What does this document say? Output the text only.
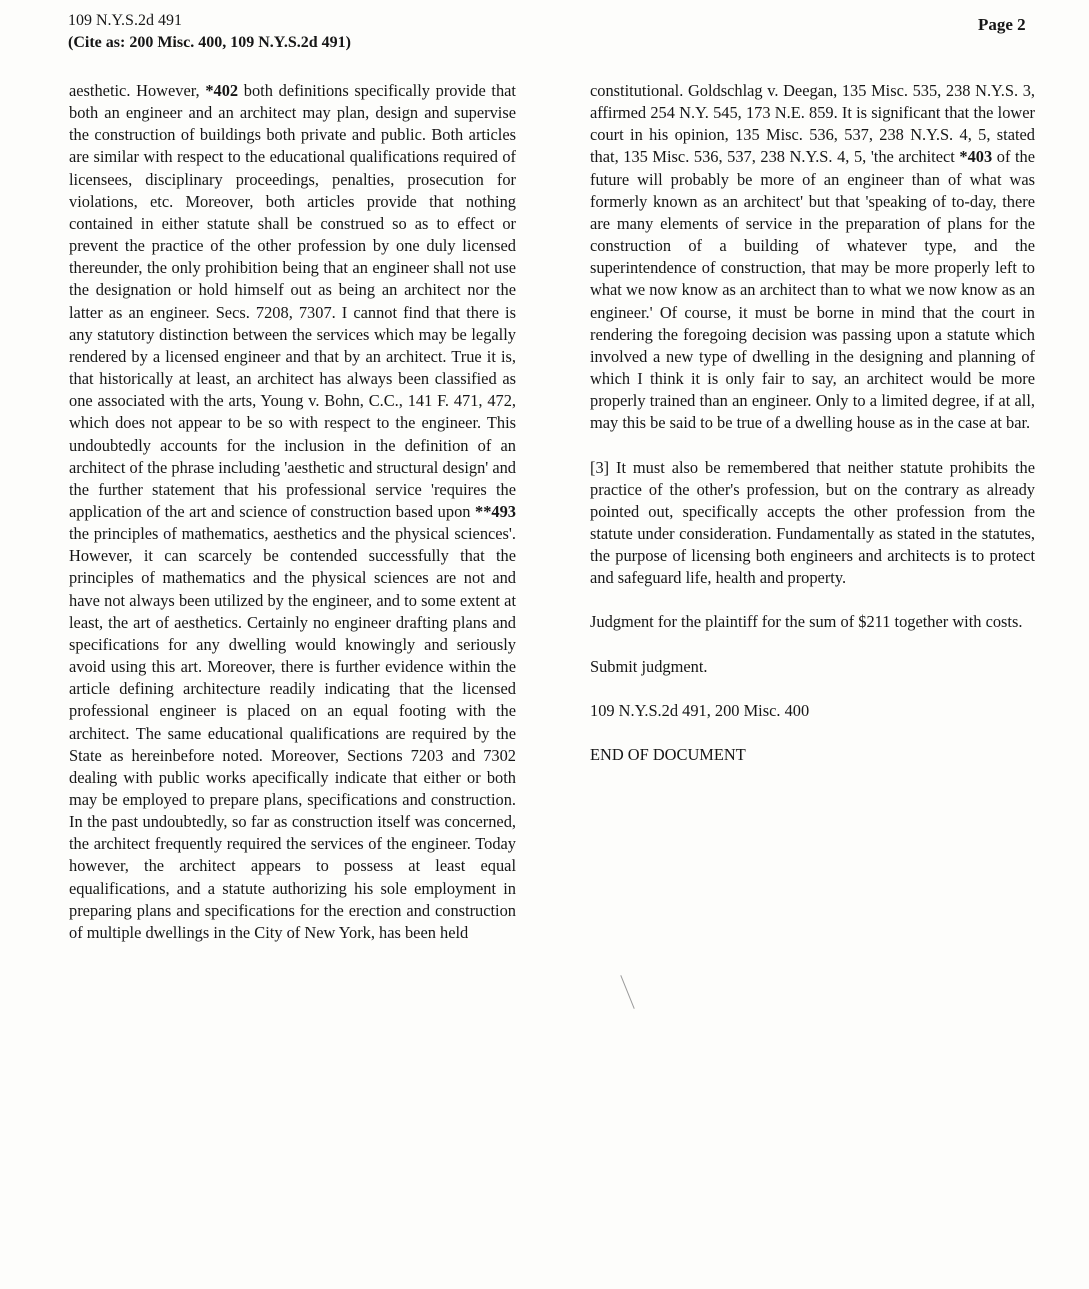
109 N.Y.S.2d 491
(Cite as: 200 Misc. 400, 109 N.Y.S.2d 491)
Page 2

aesthetic. However, *402 both definitions specifically provide that both an engineer and an architect may plan, design and supervise the construction of buildings both private and public. Both articles are similar with respect to the educational qualifications required of licensees, disciplinary proceedings, penalties, prosecution for violations, etc. Moreover, both articles provide that nothing contained in either statute shall be construed so as to effect or prevent the practice of the other profession by one duly licensed thereunder, the only prohibition being that an engineer shall not use the designation or hold himself out as being an architect nor the latter as an engineer. Secs. 7208, 7307. I cannot find that there is any statutory distinction between the services which may be legally rendered by a licensed engineer and that by an architect. True it is, that historically at least, an architect has always been classified as one associated with the arts, Young v. Bohn, C.C., 141 F. 471, 472, which does not appear to be so with respect to the engineer. This undoubtedly accounts for the inclusion in the definition of an architect of the phrase including 'aesthetic and structural design' and the further statement that his professional service 'requires the application of the art and science of construction based upon **493 the principles of mathematics, aesthetics and the physical sciences'. However, it can scarcely be contended successfully that the principles of mathematics and the physical sciences are not and have not always been utilized by the engineer, and to some extent at least, the art of aesthetics. Certainly no engineer drafting plans and specifications for any dwelling would knowingly and seriously avoid using this art. Moreover, there is further evidence within the article defining architecture readily indicating that the licensed professional engineer is placed on an equal footing with the architect. The same educational qualifications are required by the State as hereinbefore noted. Moreover, Sections 7203 and 7302 dealing with public works apecifically indicate that either or both may be employed to prepare plans, specifications and construction. In the past undoubtedly, so far as construction itself was concerned, the architect frequently required the services of the engineer. Today however, the architect appears to possess at least equal equalifications, and a statute authorizing his sole employment in preparing plans and specifications for the erection and construction of multiple dwellings in the City of New York, has been held

constitutional. Goldschlag v. Deegan, 135 Misc. 535, 238 N.Y.S. 3, affirmed 254 N.Y. 545, 173 N.E. 859. It is significant that the lower court in his opinion, 135 Misc. 536, 537, 238 N.Y.S. 4, 5, stated that, 135 Misc. 536, 537, 238 N.Y.S. 4, 5, 'the architect *403 of the future will probably be more of an engineer than of what was formerly known as an architect' but that 'speaking of to-day, there are many elements of service in the preparation of plans for the construction of a building of whatever type, and the superintendence of construction, that may be more properly left to what we now know as an architect than to what we now know as an engineer.' Of course, it must be borne in mind that the court in rendering the foregoing decision was passing upon a statute which involved a new type of dwelling in the designing and planning of which I think it is only fair to say, an architect would be more properly trained than an engineer. Only to a limited degree, if at all, may this be said to be true of a dwelling house as in the case at bar.

[3] It must also be remembered that neither statute prohibits the practice of the other's profession, but on the contrary as already pointed out, specifically accepts the other profession from the statute under consideration. Fundamentally as stated in the statutes, the purpose of licensing both engineers and architects is to protect and safeguard life, health and property.

Judgment for the plaintiff for the sum of $211 together with costs.

Submit judgment.

109 N.Y.S.2d 491, 200 Misc. 400

END OF DOCUMENT
